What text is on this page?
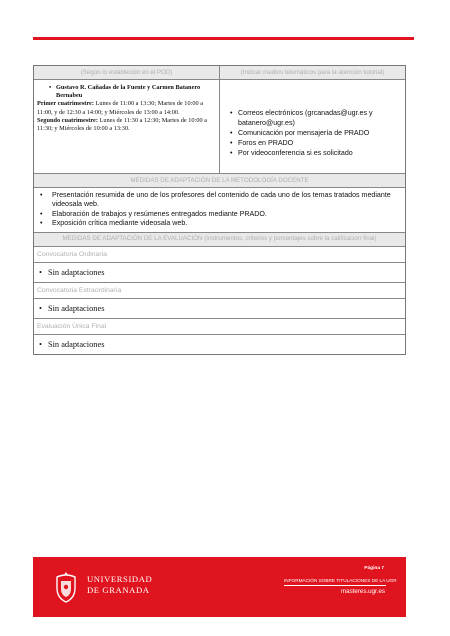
(Según lo establecido en el POD)	(Indicar medios telemáticos para la atención tutorial)
• Gustavo R. Cañadas de la Fuente y Carmen Batanero Bernabeu
Primer cuatrimestre: Lunes de 11:00 a 13:30; Martes de 10:00 a 11:00, y de 12:30 a 14:00; y Miércoles de 13:00 a 14:00.
Segundo cuatrimestre: Lunes de 11:30 a 12:30; Martes de 10:00 a 11:30; y Miércoles de 10:00 a 13:30.
• Correos electrónicos (grcanadas@ugr.es y batanero@ugr.es)
• Comunicación por mensajería de PRADO
• Foros en PRADO
• Por videoconferencia si es solicitado
MEDIDAS DE ADAPTACIÓN DE LA METODOLOGÍA DOCENTE
• Presentación resumida de uno de los profesores del contenido de cada uno de los temas tratados mediante videosala web.
• Elaboración de trabajos y resúmenes entregados mediante PRADO.
• Exposición crítica mediante videosala web.
MEDIDAS DE ADAPTACIÓN DE LA EVALUACIÓN (Instrumentos, criterios y porcentajes sobre la calificación final)
Convocatoria Ordinaria
• Sin adaptaciones
Convocatoria Extraordinaria
• Sin adaptaciones
Evaluación Única Final
• Sin adaptaciones
UNIVERSIDAD
DE GRANADA
Página 7
INFORMACIÓN SOBRE TITULACIONES DE LA UGR
masteres.ugr.es
